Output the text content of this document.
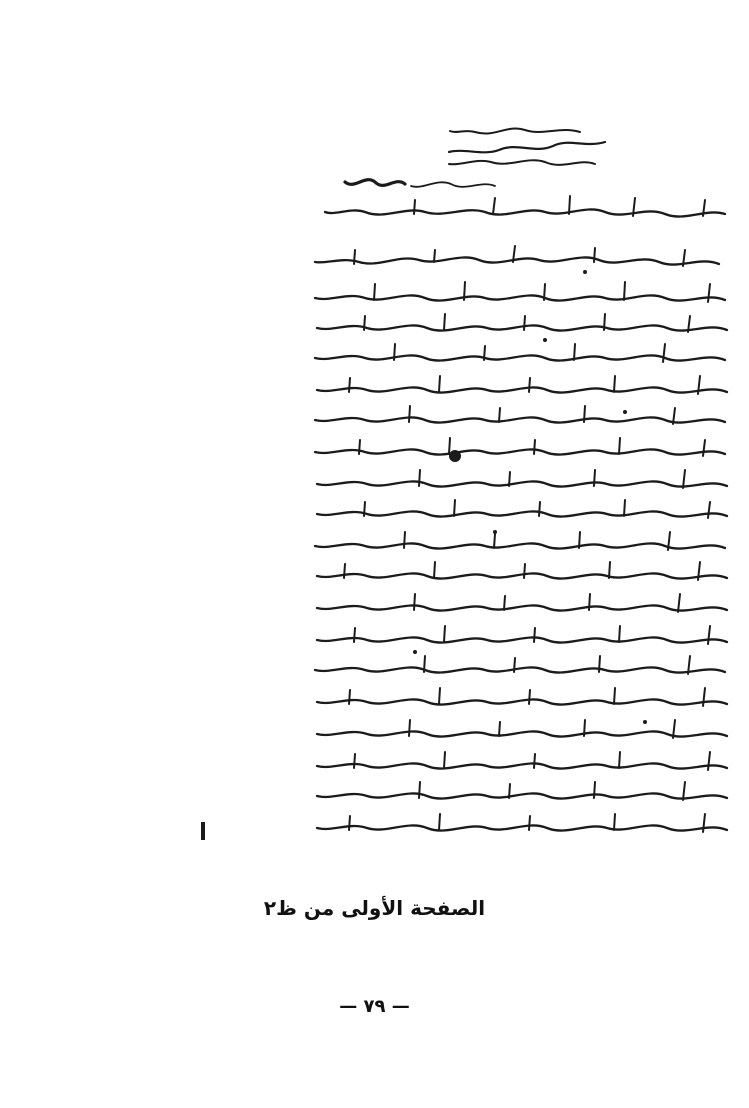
الصفحة الأولى من ظ٢
— ٧٩ —
